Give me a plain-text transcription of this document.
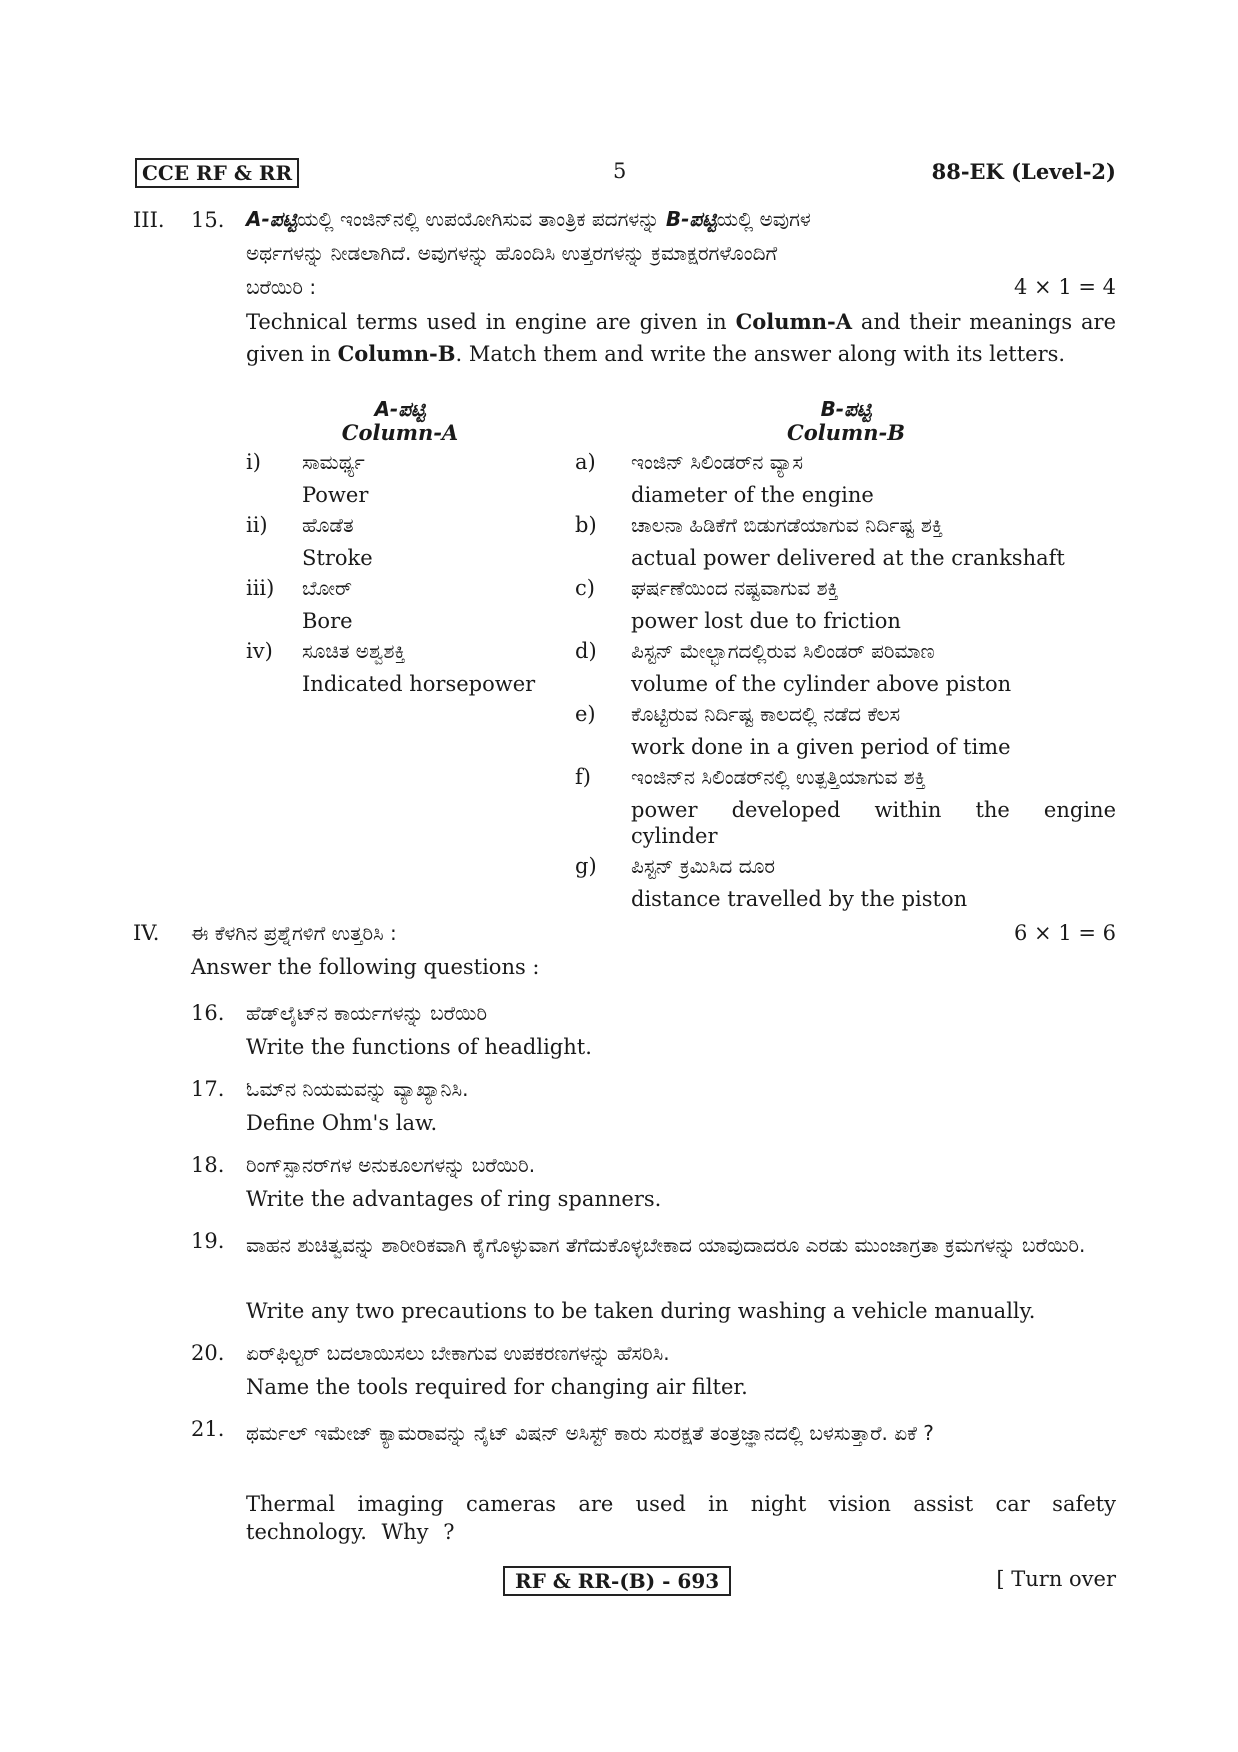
CCE RF & RR	5	88-EK (Level-2)
III. 15. A-ಪಟ್ಟಿಯಲ್ಲಿ ಇಂಜಿನ್‌ನಲ್ಲಿ ಉಪಯೋಗಿಸುವ ತಾಂತ್ರಿಕ ಪದಗಳನ್ನು B-ಪಟ್ಟಿಯಲ್ಲಿ ಅವುಗಳ
ಅರ್ಥಗಳನ್ನು ನೀಡಲಾಗಿದೆ. ಅವುಗಳನ್ನು ಹೊಂದಿಸಿ ಉತ್ತರಗಳನ್ನು ಕ್ರಮಾಕ್ಷರಗಳೊಂದಿಗೆ
ಬರೆಯಿರಿ :	4 × 1 = 4
Technical terms used in engine are given in Column-A and their meanings are given in Column-B. Match them and write the answer along with its letters.
A-ಪಟ್ಟಿ
Column-A
B-ಪಟ್ಟಿ
Column-B
i) ಸಾಮರ್ಥ್ಯ
Power
ii) ಹೊಡೆತ
Stroke
iii) ಬೋರ್
Bore
iv) ಸೂಚಿತ ಅಶ್ವಶಕ್ತಿ
Indicated horsepower
a) ಇಂಜಿನ್ ಸಿಲಿಂಡರ್‌ನ ವ್ಯಾಸ
diameter of the engine
b) ಚಾಲನಾ ಹಿಡಿಕೆಗೆ ಬಿಡುಗಡೆಯಾಗುವ ನಿರ್ದಿಷ್ಟ ಶಕ್ತಿ
actual power delivered at the crankshaft
c) ಘರ್ಷಣೆಯಿಂದ ನಷ್ಟವಾಗುವ ಶಕ್ತಿ
power lost due to friction
d) ಪಿಸ್ಟನ್ ಮೇಲ್ಭಾಗದಲ್ಲಿರುವ ಸಿಲಿಂಡರ್ ಪರಿಮಾಣ
volume of the cylinder above piston
e) ಕೊಟ್ಟಿರುವ ನಿರ್ದಿಷ್ಟ ಕಾಲದಲ್ಲಿ ನಡೆದ ಕೆಲಸ
work done in a given period of time
f) ಇಂಜಿನ್‌ನ ಸಿಲಿಂಡರ್‌ನಲ್ಲಿ ಉತ್ಪತ್ತಿಯಾಗುವ ಶಕ್ತಿ
power developed within the engine cylinder
g) ಪಿಸ್ಟನ್ ಕ್ರಮಿಸಿದ ದೂರ
distance travelled by the piston
IV. ಈ ಕೆಳಗಿನ ಪ್ರಶ್ನೆಗಳಿಗೆ ಉತ್ತರಿಸಿ :	6 × 1 = 6
Answer the following questions :
16. ಹೆಡ್‌ಲೈಟ್‌ನ ಕಾರ್ಯಗಳನ್ನು ಬರೆಯಿರಿ
Write the functions of headlight.
17. ಓಮ್‌ನ ನಿಯಮವನ್ನು ವ್ಯಾಖ್ಯಾನಿಸಿ.
Define Ohm's law.
18. ರಿಂಗ್‌ಸ್ಪಾನರ್‌ಗಳ ಅನುಕೂಲಗಳನ್ನು ಬರೆಯಿರಿ.
Write the advantages of ring spanners.
19. ವಾಹನ ಶುಚಿತ್ವವನ್ನು ಶಾರೀರಿಕವಾಗಿ ಕೈಗೊಳ್ಳುವಾಗ ತೆಗೆದುಕೊಳ್ಳಬೇಕಾದ ಯಾವುದಾದರೂ ಎರಡು ಮುಂಜಾಗ್ರತಾ ಕ್ರಮಗಳನ್ನು ಬರೆಯಿರಿ.
Write any two precautions to be taken during washing a vehicle manually.
20. ಏರ್‌ಫಿಲ್ಟರ್ ಬದಲಾಯಿಸಲು ಬೇಕಾಗುವ ಉಪಕರಣಗಳನ್ನು ಹೆಸರಿಸಿ.
Name the tools required for changing air filter.
21. ಥರ್ಮಲ್ ಇಮೇಜ್ ಕ್ಯಾಮರಾವನ್ನು ನೈಟ್ ವಿಷನ್ ಅಸಿಸ್ಟ್ ಕಾರು ಸುರಕ್ಷತೆ ತಂತ್ರಜ್ಞಾನದಲ್ಲಿ ಬಳಸುತ್ತಾರೆ. ಏಕೆ ?
Thermal imaging cameras are used in night vision assist car safety technology. Why ?
RF & RR-(B) - 693	[ Turn over
